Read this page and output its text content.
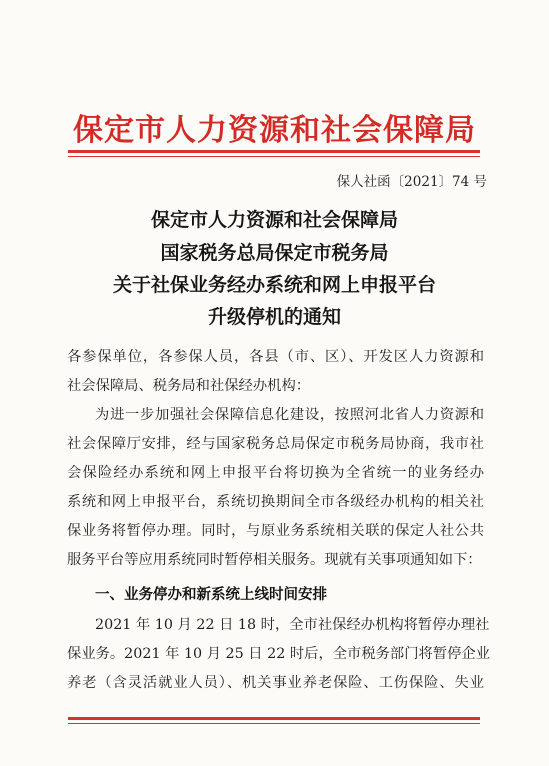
保定市人力资源和社会保障局
保人社函〔2021〕74 号
保定市人力资源和社会保障局
国家税务总局保定市税务局
关于社保业务经办系统和网上申报平台
升级停机的通知
各参保单位，各参保人员，各县（市、区）、开发区人力资源和
社会保障局、税务局和社保经办机构：
为进一步加强社会保障信息化建设，按照河北省人力资源和
社会保障厅安排，经与国家税务总局保定市税务局协商，我市社
会保险经办系统和网上申报平台将切换为全省统一的业务经办
系统和网上申报平台，系统切换期间全市各级经办机构的相关社
保业务将暂停办理。同时，与原业务系统相关联的保定人社公共
服务平台等应用系统同时暂停相关服务。现就有关事项通知如下：
一、业务停办和新系统上线时间安排
2021 年 10 月 22 日 18 时，全市社保经办机构将暂停办理社
保业务。2021 年 10 月 25 日 22 时后，全市税务部门将暂停企业
养老（含灵活就业人员）、机关事业养老保险、工伤保险、失业
